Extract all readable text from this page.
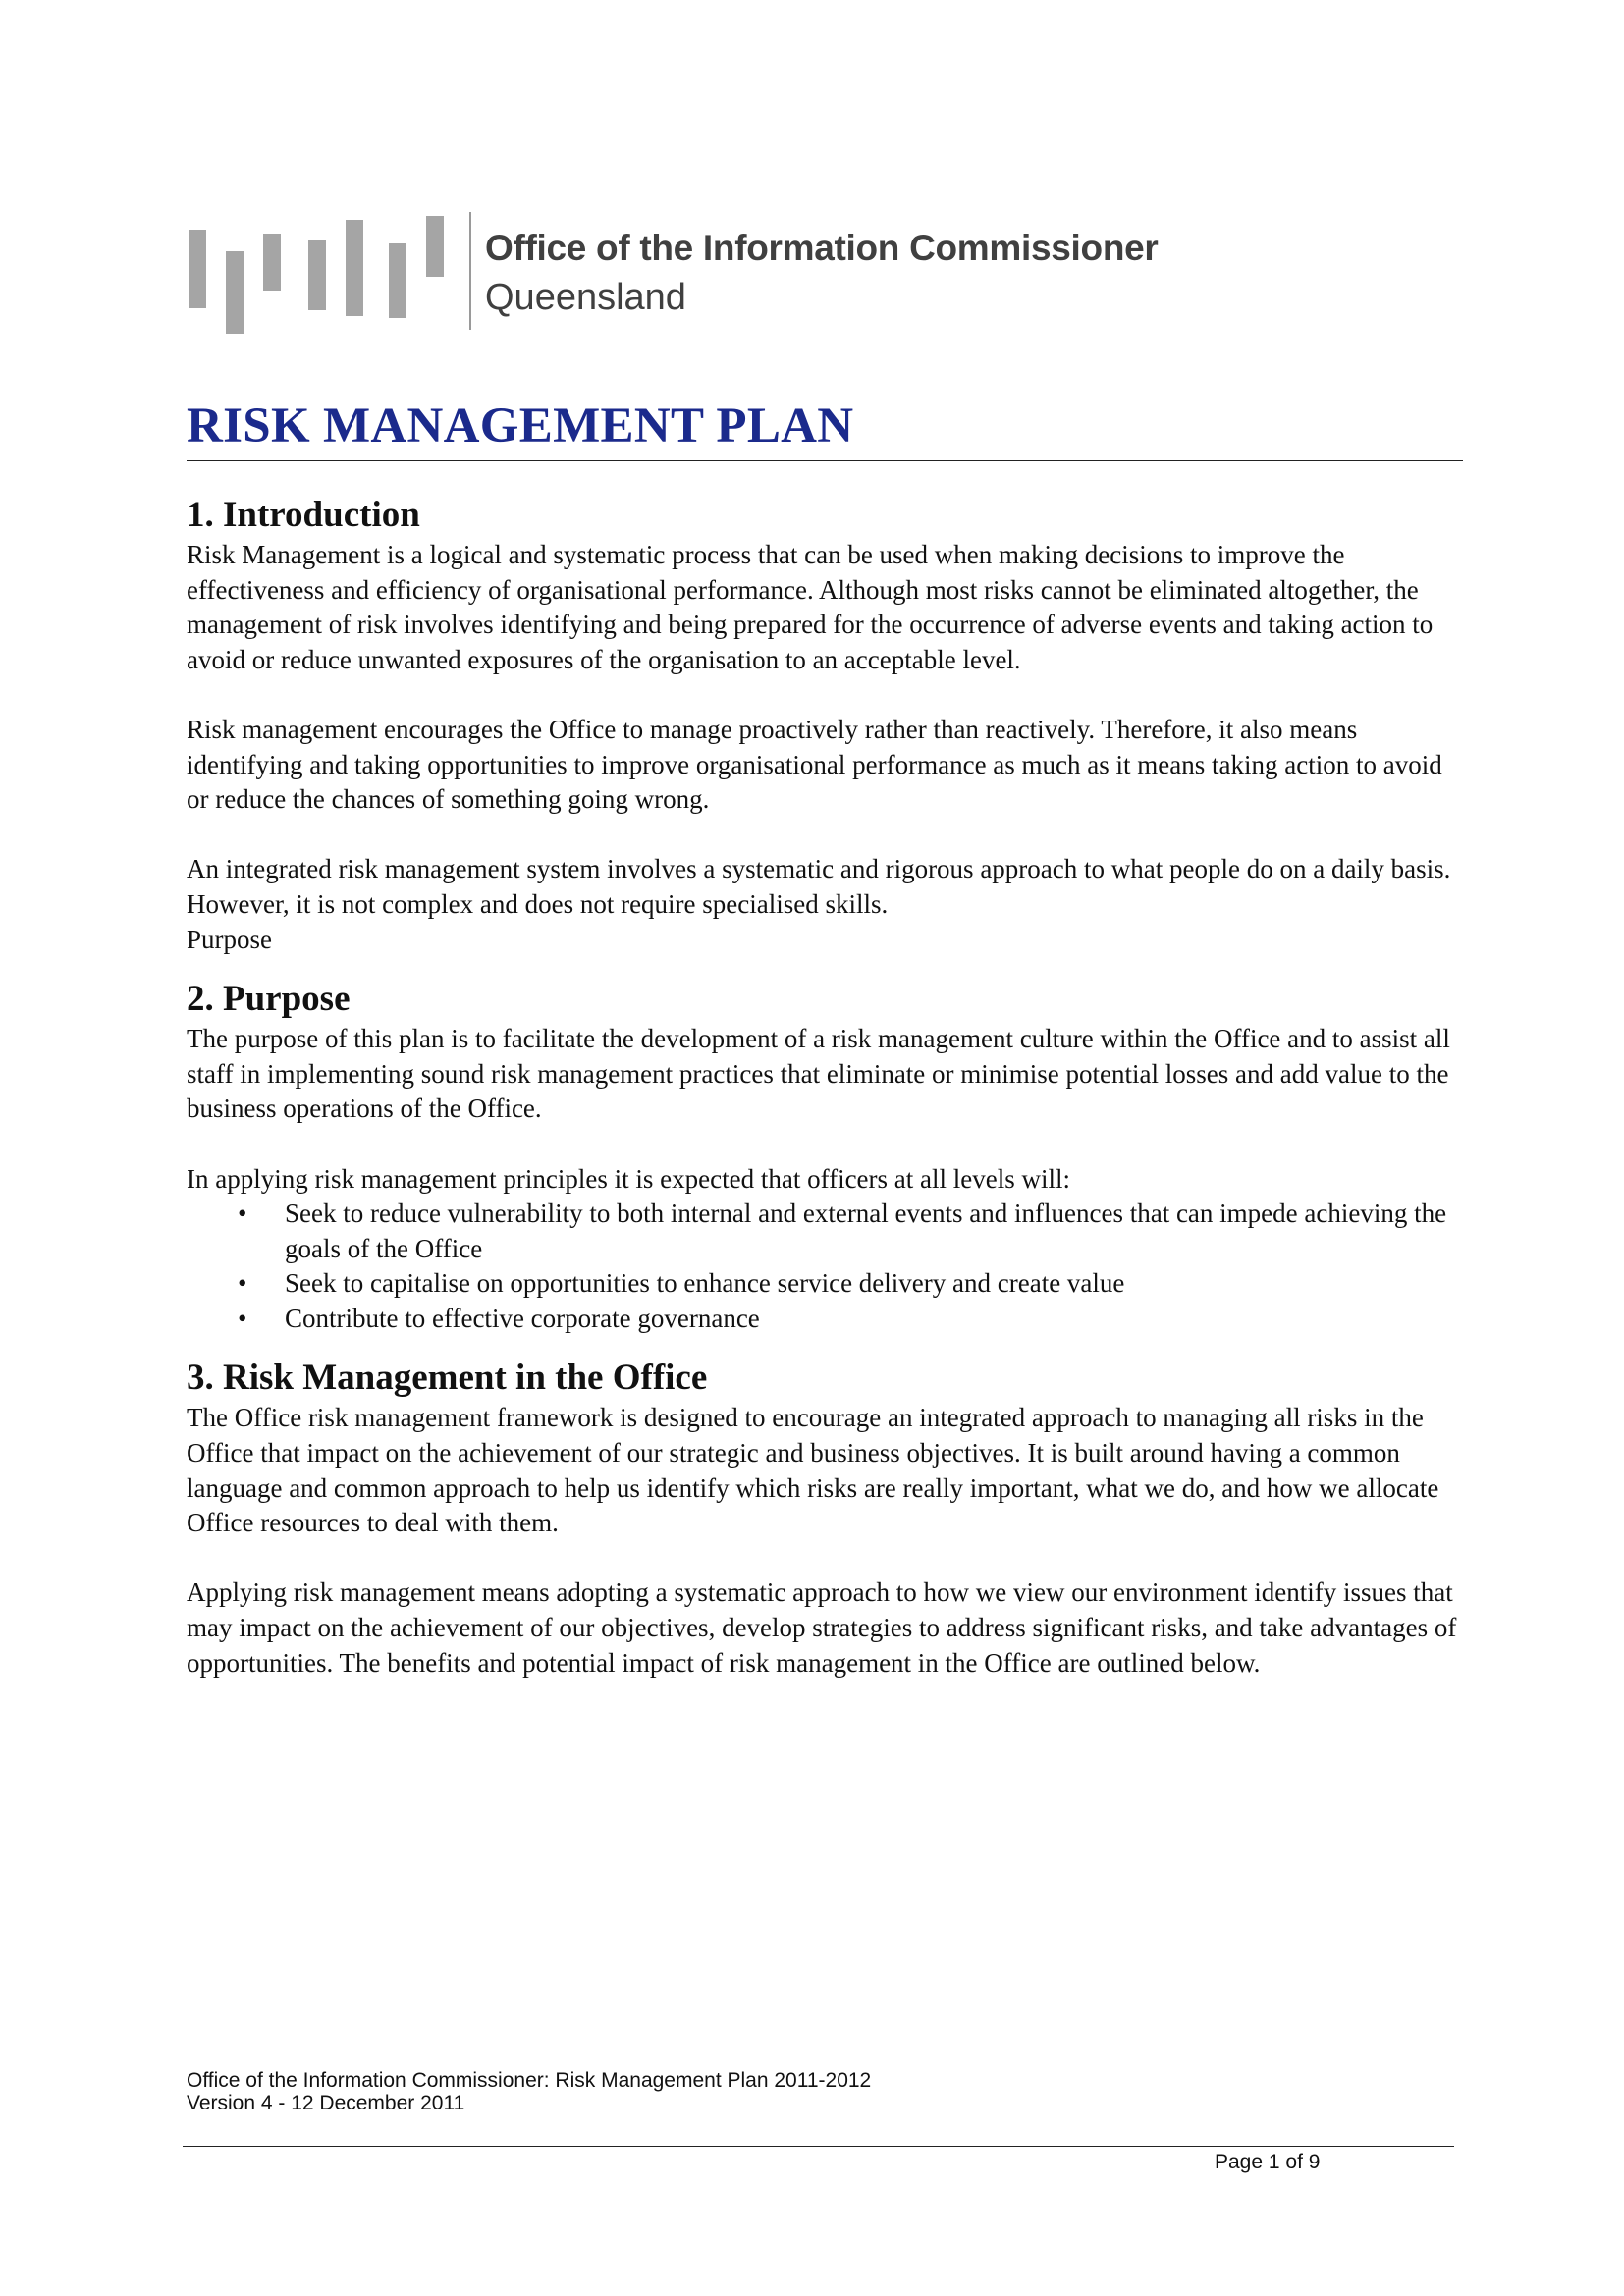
Office of the Information Commissioner
Queensland
RISK MANAGEMENT PLAN
1. Introduction

Risk Management is a logical and systematic process that can be used when making decisions to improve the effectiveness and efficiency of organisational performance. Although most risks cannot be eliminated altogether, the management of risk involves identifying and being prepared for the occurrence of adverse events and taking action to avoid or reduce unwanted exposures of the organisation to an acceptable level.

Risk management encourages the Office to manage proactively rather than reactively. Therefore, it also means identifying and taking opportunities to improve organisational performance as much as it means taking action to avoid or reduce the chances of something going wrong.

An integrated risk management system involves a systematic and rigorous approach to what people do on a daily basis. However, it is not complex and does not require specialised skills.

Purpose

2. Purpose

The purpose of this plan is to facilitate the development of a risk management culture within the Office and to assist all staff in implementing sound risk management practices that eliminate or minimise potential losses and add value to the business operations of the Office.

In applying risk management principles it is expected that officers at all levels will:

• Seek to reduce vulnerability to both internal and external events and influences that can impede achieving the goals of the Office
• Seek to capitalise on opportunities to enhance service delivery and create value
• Contribute to effective corporate governance
3. Risk Management in the Office

The Office risk management framework is designed to encourage an integrated approach to managing all risks in the Office that impact on the achievement of our strategic and business objectives. It is built around having a common language and common approach to help us identify which risks are really important, what we do, and how we allocate Office resources to deal with them.

Applying risk management means adopting a systematic approach to how we view our environment identify issues that may impact on the achievement of our objectives, develop strategies to address significant risks, and take advantages of opportunities. The benefits and potential impact of risk management in the Office are outlined below.

Office of the Information Commissioner: Risk Management Plan 2011-2012
Version 4 - 12 December 2011
Page 1 of 9
